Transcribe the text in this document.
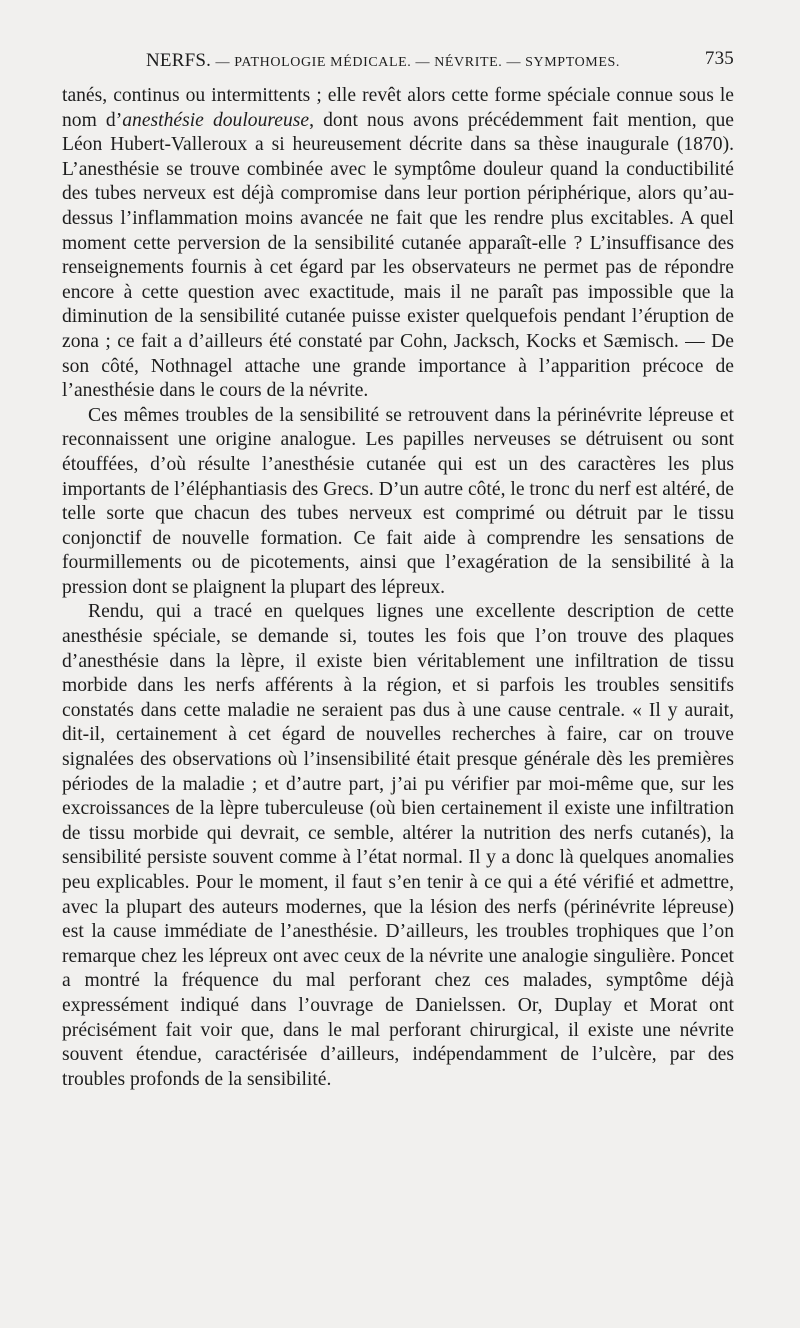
NERFS. — PATHOLOGIE MÉDICALE. — NÉVRITE. — SYMPTOMES.	735

tanés, continus ou intermittents ; elle revêt alors cette forme spéciale connue sous le nom d’anesthésie douloureuse, dont nous avons précédemment fait mention, que Léon Hubert-Valleroux a si heureusement décrite dans sa thèse inaugurale (1870). L’anesthésie se trouve combinée avec le symptôme douleur quand la conductibilité des tubes nerveux est déjà compromise dans leur portion périphérique, alors qu’au-dessus l’inflammation moins avancée ne fait que les rendre plus excitables. A quel moment cette perversion de la sensibilité cutanée apparaît-elle ? L’insuffisance des renseignements fournis à cet égard par les observateurs ne permet pas de répondre encore à cette question avec exactitude, mais il ne paraît pas impossible que la diminution de la sensibilité cutanée puisse exister quelquefois pendant l’éruption de zona ; ce fait a d’ailleurs été constaté par Cohn, Jacksch, Kocks et Sæmisch. — De son côté, Nothnagel attache une grande importance à l’apparition précoce de l’anesthésie dans le cours de la névrite.

Ces mêmes troubles de la sensibilité se retrouvent dans la périnévrite lépreuse et reconnaissent une origine analogue. Les papilles nerveuses se détruisent ou sont étouffées, d’où résulte l’anesthésie cutanée qui est un des caractères les plus importants de l’éléphantiasis des Grecs. D’un autre côté, le tronc du nerf est altéré, de telle sorte que chacun des tubes nerveux est comprimé ou détruit par le tissu conjonctif de nouvelle formation. Ce fait aide à comprendre les sensations de fourmillements ou de picotements, ainsi que l’exagération de la sensibilité à la pression dont se plaignent la plupart des lépreux.

Rendu, qui a tracé en quelques lignes une excellente description de cette anesthésie spéciale, se demande si, toutes les fois que l’on trouve des plaques d’anesthésie dans la lèpre, il existe bien véritablement une infiltration de tissu morbide dans les nerfs afférents à la région, et si parfois les troubles sensitifs constatés dans cette maladie ne seraient pas dus à une cause centrale. « Il y aurait, dit-il, certainement à cet égard de nouvelles recherches à faire, car on trouve signalées des observations où l’insensibilité était presque générale dès les premières périodes de la maladie ; et d’autre part, j’ai pu vérifier par moi-même que, sur les excroissances de la lèpre tuberculeuse (où bien certainement il existe une infiltration de tissu morbide qui devrait, ce semble, altérer la nutrition des nerfs cutanés), la sensibilité persiste souvent comme à l’état normal. Il y a donc là quelques anomalies peu explicables. Pour le moment, il faut s’en tenir à ce qui a été vérifié et admettre, avec la plupart des auteurs modernes, que la lésion des nerfs (périnévrite lépreuse) est la cause immédiate de l’anesthésie. D’ailleurs, les troubles trophiques que l’on remarque chez les lépreux ont avec ceux de la névrite une analogie singulière. Poncet a montré la fréquence du mal perforant chez ces malades, symptôme déjà expressément indiqué dans l’ouvrage de Danielssen. Or, Duplay et Morat ont précisément fait voir que, dans le mal perforant chirurgical, il existe une névrite souvent étendue, caractérisée d’ailleurs, indépendamment de l’ulcère, par des troubles profonds de la sensibilité.
